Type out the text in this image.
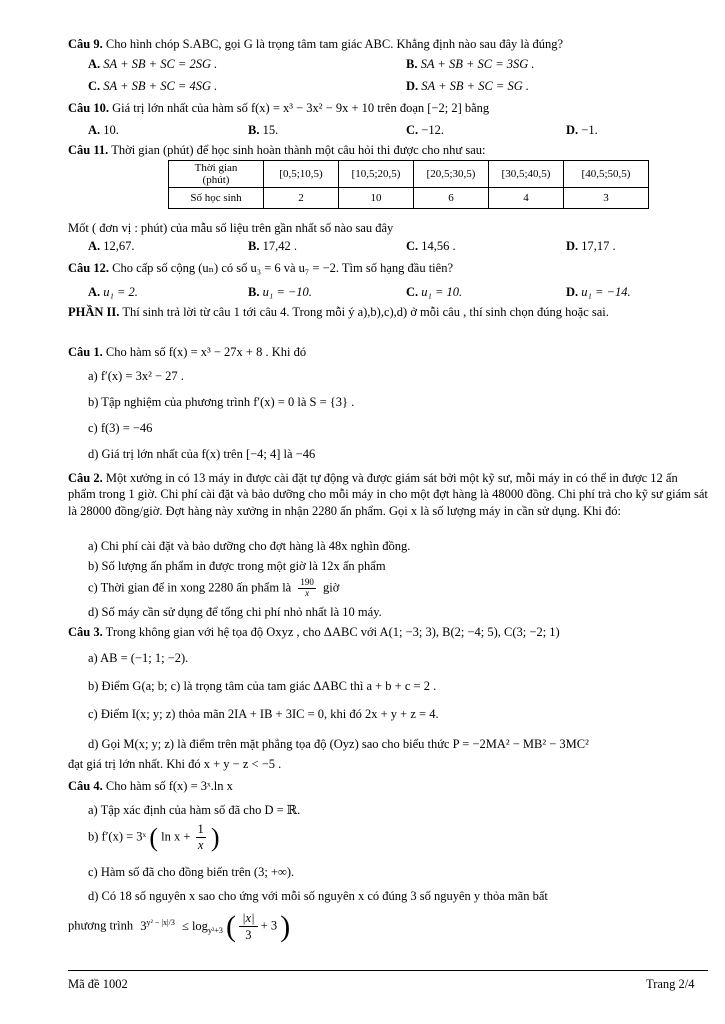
Câu 9. Cho hình chóp S.ABC, gọi G là trọng tâm tam giác ABC. Khẳng định nào sau đây là đúng?
A. SA + SB + SC = 2SG .	B. SA + SB + SC = 3SG .
C. SA + SB + SC = 4SG .	D. SA + SB + SC = SG .
Câu 10. Giá trị lớn nhất của hàm số f(x) = x³ − 3x² − 9x + 10 trên đoạn [−2; 2] bằng
A. 10.	B. 15.	C. −12.	D. −1.
Câu 11. Thời gian (phút) để học sinh hoàn thành một câu hỏi thi được cho như sau:
Thời gian
(phút)	[0,5;10,5)	[10,5;20,5)	[20,5;30,5)	[30,5;40,5)	[40,5;50,5)
Số học sinh	2	10	6	4	3
Mốt ( đơn vị : phút) của mẫu số liệu trên gần nhất số nào sau đây
A. 12,67.	B. 17,42 .	C. 14,56 .	D. 17,17 .
Câu 12. Cho cấp số cộng (uₙ) có số u₃ = 6 và u₇ = −2. Tìm số hạng đầu tiên?
A. u₁ = 2.	B. u₁ = −10.	C. u₁ = 10.	D. u₁ = −14.
PHẦN II. Thí sinh trả lời từ câu 1 tới câu 4. Trong mỗi ý a),b),c),d) ở mỗi câu , thí sinh chọn đúng hoặc sai.
Câu 1. Cho hàm số f(x) = x³ − 27x + 8 . Khi đó
a) f′(x) = 3x² − 27 .
b) Tập nghiệm của phương trình f′(x) = 0 là S = {3} .
c) f(3) = −46
d) Giá trị lớn nhất của f(x) trên [−4; 4] là −46
Câu 2. Một xưởng in có 13 máy in được cài đặt tự động và được giám sát bởi một kỹ sư, mỗi máy in có thể in được 12 ấn phẩm trong 1 giờ. Chi phí cài đặt và bảo dưỡng cho mỗi máy in cho một đợt hàng là 48000 đồng. Chi phí trả cho kỹ sư giám sát là 28000 đồng/giờ. Đợt hàng này xưởng in nhận 2280 ấn phẩm. Gọi x là số lượng máy in cần sử dụng. Khi đó:
a) Chi phí cài đặt và bảo dưỡng cho đợt hàng là 48x nghìn đồng.
b) Số lượng ấn phẩm in được trong một giờ là 12x ấn phẩm
c) Thời gian để in xong 2280 ấn phẩm là $\frac{190}{x}$ giờ
d) Số máy cần sử dụng để tổng chi phí nhỏ nhất là 10 máy.
Câu 3. Trong không gian với hệ tọa độ Oxyz , cho ΔABC với A(1; −3; 3), B(2; −4; 5), C(3; −2; 1)
a) AB = (−1; 1; −2).
b) Điểm G(a; b; c) là trọng tâm của tam giác ΔABC thì a + b + c = 2 .
c) Điểm I(x; y; z) thỏa mãn 2IA + IB + 3IC = 0, khi đó 2x + y + z = 4.
d) Gọi M(x; y; z) là điểm trên mặt phẳng tọa độ (Oyz) sao cho biểu thức P = −2MA² − MB² − 3MC²
đạt giá trị lớn nhất. Khi đó x + y − z < −5 .
Câu 4. Cho hàm số f(x) = 3ˣ.ln x
a) Tập xác định của hàm số đã cho D = ℝ.
b) f′(x) = 3ˣ ( $\ln x + \frac{1}{x}$ )
c) Hàm số đã cho đồng biến trên (3; +∞).
d) Có 18 số nguyên x sao cho ứng với mỗi số nguyên x có đúng 3 số nguyên y thỏa mãn bất
phương trình $3^{y^2 - |x|/3} \le \log_{y^2+3}$ ( $\frac{|x|}{3} + 3$ )
Mã đề 1002	Trang 2/4
